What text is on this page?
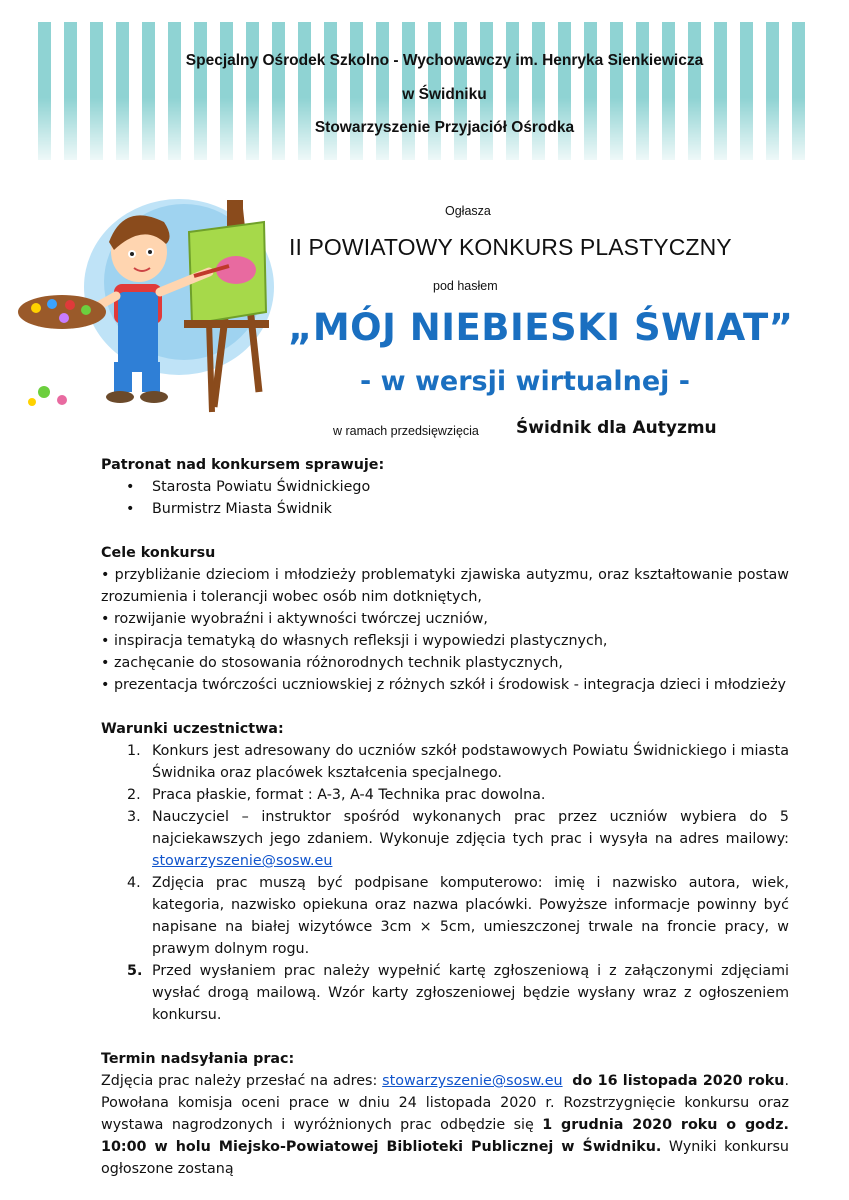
Specjalny Ośrodek Szkolno - Wychowawczy im. Henryka Sienkiewicza
w Świdniku
Stowarzyszenie Przyjaciół Ośrodka
Ogłasza
II POWIATOWY KONKURS PLASTYCZNY
pod hasłem
„MÓJ NIEBIESKI ŚWIAT”
- w wersji wirtualnej -
w ramach przedsięwzięcia Świdnik dla Autyzmu
Patronat nad konkursem sprawuje:
• Starosta Powiatu Świdnickiego
• Burmistrz Miasta Świdnik
Cele konkursu
• przybliżanie dzieciom i młodzieży problematyki zjawiska autyzmu, oraz kształtowanie postaw zrozumienia i tolerancji wobec osób nim dotkniętych,
• rozwijanie wyobraźni i aktywności twórczej uczniów,
• inspiracja tematyką do własnych refleksji i wypowiedzi plastycznych,
• zachęcanie do stosowania różnorodnych technik plastycznych,
• prezentacja twórczości uczniowskiej z różnych szkół i środowisk - integracja dzieci i młodzieży
Warunki uczestnictwa:
1. Konkurs jest adresowany do uczniów szkół podstawowych Powiatu Świdnickiego i miasta Świdnika oraz placówek kształcenia specjalnego.
2. Praca płaskie, format : A-3, A-4 Technika prac dowolna.
3. Nauczyciel – instruktor spośród wykonanych prac przez uczniów wybiera do 5 najciekawszych jego zdaniem. Wykonuje zdjęcia tych prac i wysyła na adres mailowy: stowarzyszenie@sosw.eu
4. Zdjęcia prac muszą być podpisane komputerowo: imię i nazwisko autora, wiek, kategoria, nazwisko opiekuna oraz nazwa placówki. Powyższe informacje powinny być napisane na białej wizytówce 3cm × 5cm, umieszczonej trwale na froncie pracy, w prawym dolnym rogu.
5. Przed wysłaniem prac należy wypełnić kartę zgłoszeniową i z załączonymi zdjęciami wysłać drogą mailową. Wzór karty zgłoszeniowej będzie wysłany wraz z ogłoszeniem konkursu.
Termin nadsyłania prac:

Zdjęcia prac należy przesłać na adres: stowarzyszenie@sosw.eu do 16 listopada 2020 roku. Powołana komisja oceni prace w dniu 24 listopada 2020 r. Rozstrzygnięcie konkursu oraz wystawa nagrodzonych i wyróżnionych prac odbędzie się 1 grudnia 2020 roku o godz. 10:00 w holu Miejsko-Powiatowej Biblioteki Publicznej w Świdniku. Wyniki konkursu ogłoszone zostaną
